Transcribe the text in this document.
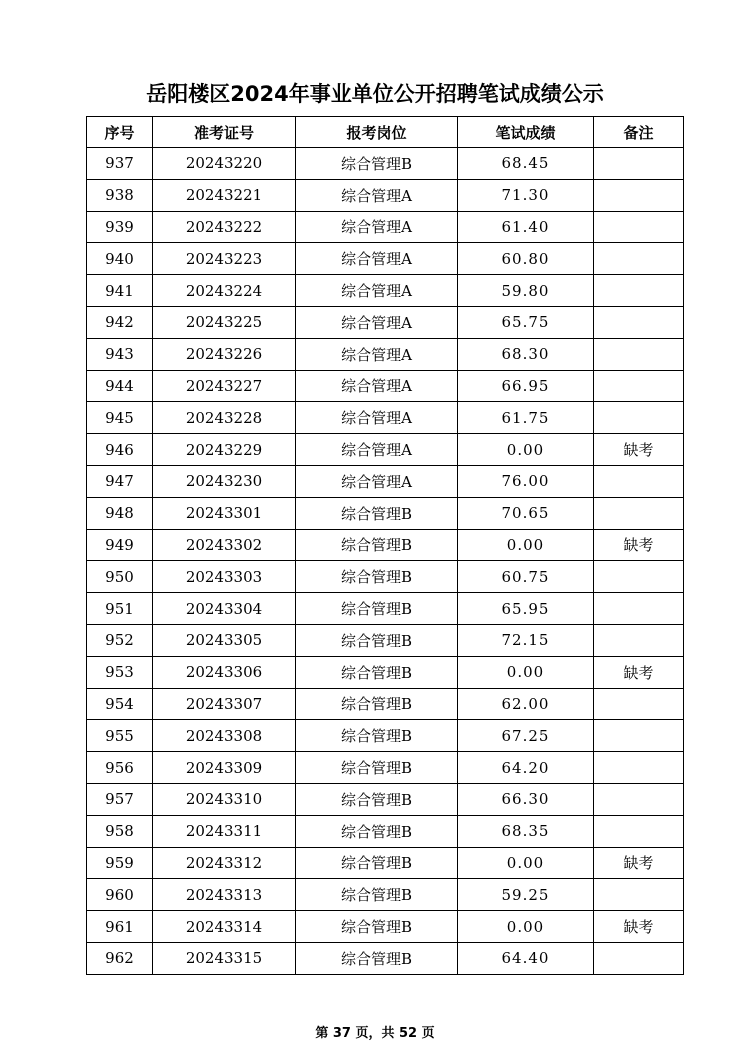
岳阳楼区2024年事业单位公开招聘笔试成绩公示
序号	准考证号	报考岗位	笔试成绩	备注
937	20243220	综合管理B	68.45	
938	20243221	综合管理A	71.30	
939	20243222	综合管理A	61.40	
940	20243223	综合管理A	60.80	
941	20243224	综合管理A	59.80	
942	20243225	综合管理A	65.75	
943	20243226	综合管理A	68.30	
944	20243227	综合管理A	66.95	
945	20243228	综合管理A	61.75	
946	20243229	综合管理A	0.00	缺考
947	20243230	综合管理A	76.00	
948	20243301	综合管理B	70.65	
949	20243302	综合管理B	0.00	缺考
950	20243303	综合管理B	60.75	
951	20243304	综合管理B	65.95	
952	20243305	综合管理B	72.15	
953	20243306	综合管理B	0.00	缺考
954	20243307	综合管理B	62.00	
955	20243308	综合管理B	67.25	
956	20243309	综合管理B	64.20	
957	20243310	综合管理B	66.30	
958	20243311	综合管理B	68.35	
959	20243312	综合管理B	0.00	缺考
960	20243313	综合管理B	59.25	
961	20243314	综合管理B	0.00	缺考
962	20243315	综合管理B	64.40	
第 37 页，共 52 页
